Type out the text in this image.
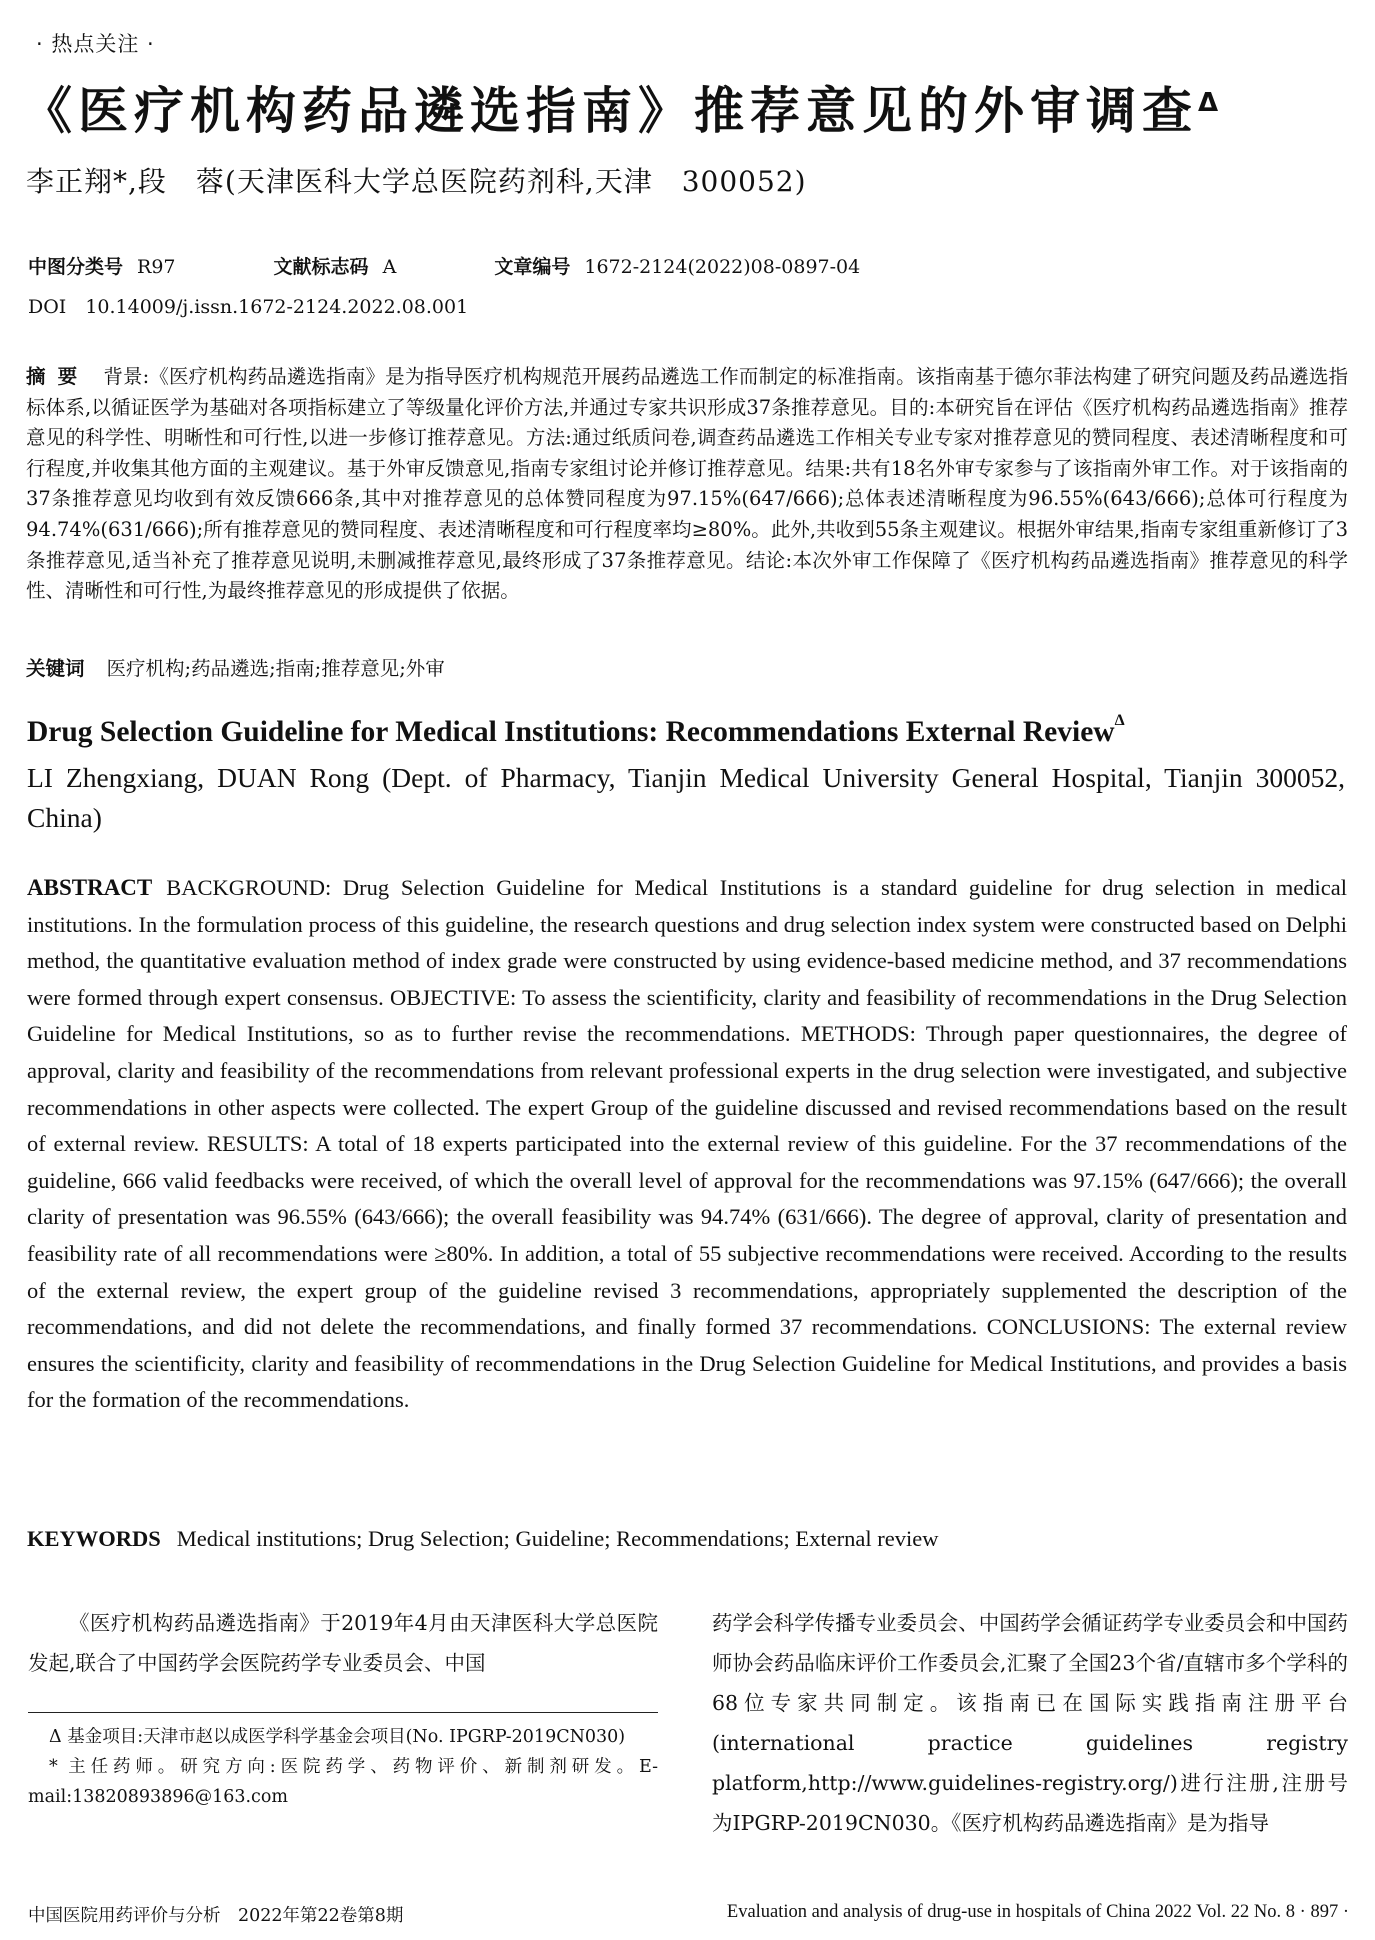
· 热点关注 ·
《医疗机构药品遴选指南》推荐意见的外审调查$^\Delta$
李正翔*,段　蓉(天津医科大学总医院药剂科,天津　300052)
中图分类号 R97	文献标志码 A	文章编号 1672-2124(2022)08-0897-04
DOI　10.14009/j.issn.1672-2124.2022.08.001
摘要 背景:《医疗机构药品遴选指南》是为指导医疗机构规范开展药品遴选工作而制定的标准指南。该指南基于德尔菲法构建了研究问题及药品遴选指标体系,以循证医学为基础对各项指标建立了等级量化评价方法,并通过专家共识形成37条推荐意见。目的:本研究旨在评估《医疗机构药品遴选指南》推荐意见的科学性、明晰性和可行性,以进一步修订推荐意见。方法:通过纸质问卷,调查药品遴选工作相关专业专家对推荐意见的赞同程度、表述清晰程度和可行程度,并收集其他方面的主观建议。基于外审反馈意见,指南专家组讨论并修订推荐意见。结果:共有18名外审专家参与了该指南外审工作。对于该指南的37条推荐意见均收到有效反馈666条,其中对推荐意见的总体赞同程度为97.15%(647/666);总体表述清晰程度为96.55%(643/666);总体可行程度为94.74%(631/666);所有推荐意见的赞同程度、表述清晰程度和可行程度率均≥80%。此外,共收到55条主观建议。根据外审结果,指南专家组重新修订了3条推荐意见,适当补充了推荐意见说明,未删减推荐意见,最终形成了37条推荐意见。结论:本次外审工作保障了《医疗机构药品遴选指南》推荐意见的科学性、清晰性和可行性,为最终推荐意见的形成提供了依据。
关键词 医疗机构;药品遴选;指南;推荐意见;外审
Drug Selection Guideline for Medical Institutions: Recommendations External Review$^\Delta$
LI Zhengxiang, DUAN Rong (Dept. of Pharmacy, Tianjin Medical University General Hospital, Tianjin 300052, China)
ABSTRACT BACKGROUND: Drug Selection Guideline for Medical Institutions is a standard guideline for drug selection in medical institutions. In the formulation process of this guideline, the research questions and drug selection index system were constructed based on Delphi method, the quantitative evaluation method of index grade were constructed by using evidence-based medicine method, and 37 recommendations were formed through expert consensus. OBJECTIVE: To assess the scientificity, clarity and feasibility of recommendations in the Drug Selection Guideline for Medical Institutions, so as to further revise the recommendations. METHODS: Through paper questionnaires, the degree of approval, clarity and feasibility of the recommendations from relevant professional experts in the drug selection were investigated, and subjective recommendations in other aspects were collected. The expert Group of the guideline discussed and revised recommendations based on the result of external review. RESULTS: A total of 18 experts participated into the external review of this guideline. For the 37 recommendations of the guideline, 666 valid feedbacks were received, of which the overall level of approval for the recommendations was 97.15% (647/666); the overall clarity of presentation was 96.55% (643/666); the overall feasibility was 94.74% (631/666). The degree of approval, clarity of presentation and feasibility rate of all recommendations were ≥80%. In addition, a total of 55 subjective recommendations were received. According to the results of the external review, the expert group of the guideline revised 3 recommendations, appropriately supplemented the description of the recommendations, and did not delete the recommendations, and finally formed 37 recommendations. CONCLUSIONS: The external review ensures the scientificity, clarity and feasibility of recommendations in the Drug Selection Guideline for Medical Institutions, and provides a basis for the formation of the recommendations.
KEYWORDS Medical institutions; Drug Selection; Guideline; Recommendations; External review
《医疗机构药品遴选指南》于2019年4月由天津医科大学总医院发起,联合了中国药学会医院药学专业委员会、中国

Δ 基金项目:天津市赵以成医学科学基金会项目(No. IPGRP-2019CN030)

* 主任药师。研究方向:医院药学、药物评价、新制剂研发。E-mail:13820893896@163.com

药学会科学传播专业委员会、中国药学会循证药学专业委员会和中国药师协会药品临床评价工作委员会,汇聚了全国23个省/直辖市多个学科的68位专家共同制定。该指南已在国际实践指南注册平台(international practice guidelines registry platform,http://www.guidelines-registry.org/)进行注册,注册号为IPGRP-2019CN030。《医疗机构药品遴选指南》是为指导
中国医院用药评价与分析　2022年第22卷第8期	Evaluation and analysis of drug-use in hospitals of China 2022 Vol. 22 No. 8 · 897 ·
